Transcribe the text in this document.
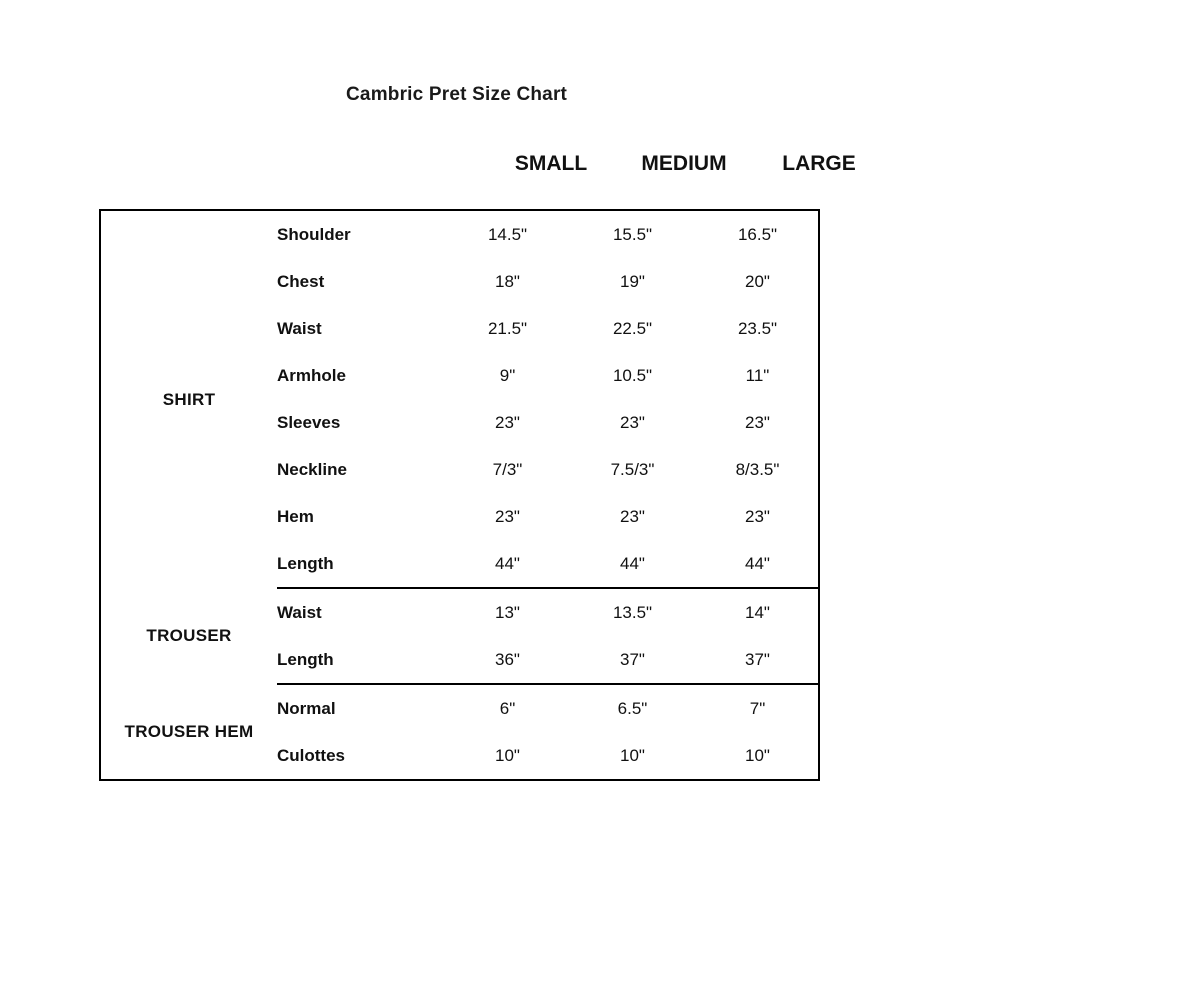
Cambric Pret Size Chart
SMALL	MEDIUM	LARGE
SHIRT	Shoulder	14.5"	15.5"	16.5"
	Chest	18"	19"	20"
	Waist	21.5"	22.5"	23.5"
	Armhole	9"	10.5"	11"
	Sleeves	23"	23"	23"
	Neckline	7/3"	7.5/3"	8/3.5"
	Hem	23"	23"	23"
	Length	44"	44"	44"
TROUSER	Waist	13"	13.5"	14"
	Length	36"	37"	37"
TROUSER HEM	Normal	6"	6.5"	7"
	Culottes	10"	10"	10"
